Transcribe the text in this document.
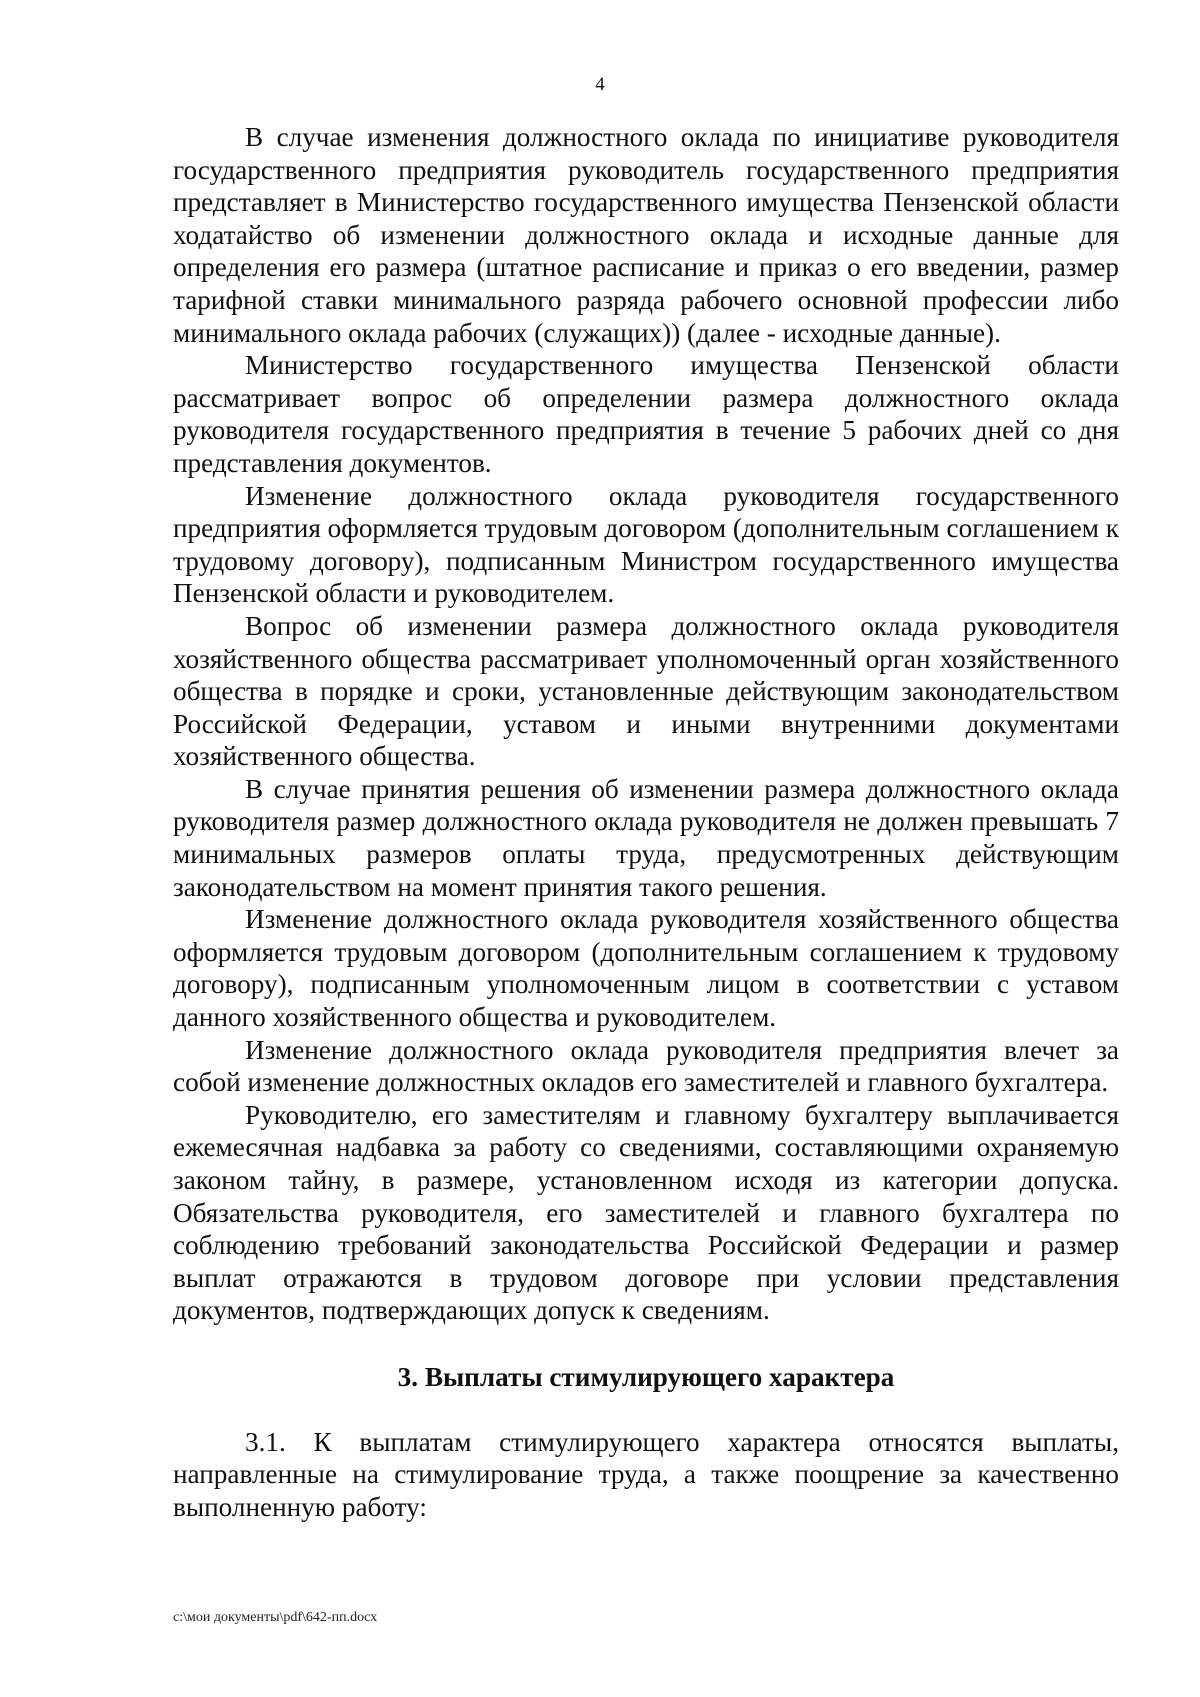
4

В случае изменения должностного оклада по инициативе руководителя государственного предприятия руководитель государственного предприятия представляет в Министерство государственного имущества Пензенской области ходатайство об изменении должностного оклада и исходные данные для определения его размера (штатное расписание и приказ о его введении, размер тарифной ставки минимального разряда рабочего основной профессии либо минимального оклада рабочих (служащих)) (далее - исходные данные).

Министерство государственного имущества Пензенской области рассматривает вопрос об определении размера должностного оклада руководителя государственного предприятия в течение 5 рабочих дней со дня представления документов.

Изменение должностного оклада руководителя государственного предприятия оформляется трудовым договором (дополнительным соглашением к трудовому договору), подписанным Министром государственного имущества Пензенской области и руководителем.

Вопрос об изменении размера должностного оклада руководителя хозяйственного общества рассматривает уполномоченный орган хозяйственного общества в порядке и сроки, установленные действующим законодательством Российской Федерации, уставом и иными внутренними документами хозяйственного общества.

В случае принятия решения об изменении размера должностного оклада руководителя размер должностного оклада руководителя не должен превышать 7 минимальных размеров оплаты труда, предусмотренных действующим законодательством на момент принятия такого решения.

Изменение должностного оклада руководителя хозяйственного общества оформляется трудовым договором (дополнительным соглашением к трудовому договору), подписанным уполномоченным лицом в соответствии с уставом данного хозяйственного общества и руководителем.

Изменение должностного оклада руководителя предприятия влечет за собой изменение должностных окладов его заместителей и главного бухгалтера.

Руководителю, его заместителям и главному бухгалтеру выплачивается ежемесячная надбавка за работу со сведениями, составляющими охраняемую законом тайну, в размере, установленном исходя из категории допуска. Обязательства руководителя, его заместителей и главного бухгалтера по соблюдению требований законодательства Российской Федерации и размер выплат отражаются в трудовом договоре при условии представления документов, подтверждающих допуск к сведениям.

3. Выплаты стимулирующего характера

3.1. К выплатам стимулирующего характера относятся выплаты, направленные на стимулирование труда, а также поощрение за качественно выполненную работу:

c:\мои документы\pdf\642-пп.docx
